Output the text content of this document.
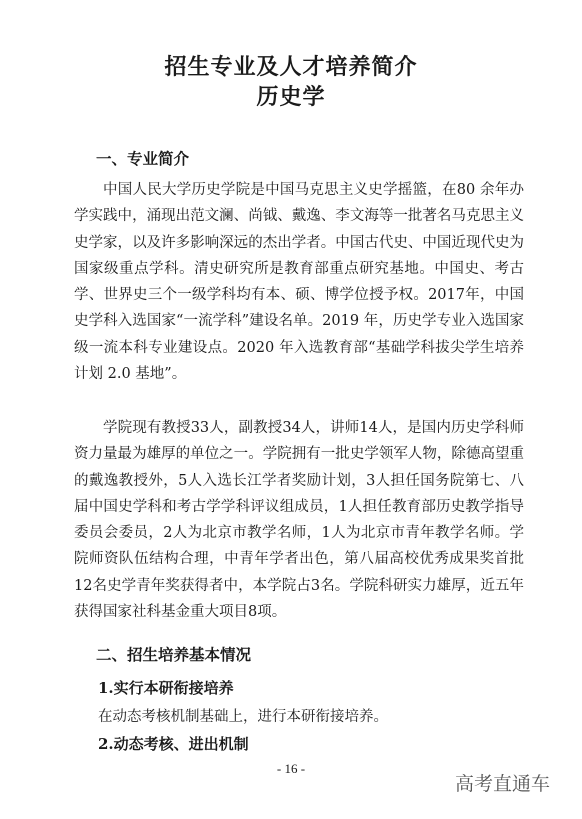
招生专业及人才培养简介
历史学
一、专业简介

中国人民大学历史学院是中国马克思主义史学摇篮，在80 余年办学实践中，涌现出范文澜、尚钺、戴逸、李文海等一批著名马克思主义史学家，以及许多影响深远的杰出学者。中国古代史、中国近现代史为国家级重点学科。清史研究所是教育部重点研究基地。中国史、考古学、世界史三个一级学科均有本、硕、博学位授予权。2017年，中国史学科入选国家“一流学科”建设名单。2019 年，历史学专业入选国家级一流本科专业建设点。2020 年入选教育部“基础学科拔尖学生培养计划 2.0 基地”。

学院现有教授33人，副教授34人，讲师14人，是国内历史学科师资力量最为雄厚的单位之一。学院拥有一批史学领军人物，除德高望重的戴逸教授外，5人入选长江学者奖励计划，3人担任国务院第七、八届中国史学科和考古学学科评议组成员，1人担任教育部历史教学指导委员会委员，2人为北京市教学名师，1人为北京市青年教学名师。学院师资队伍结构合理，中青年学者出色，第八届高校优秀成果奖首批12名史学青年奖获得者中，本学院占3名。学院科研实力雄厚，近五年获得国家社科基金重大项目8项。

二、招生培养基本情况
1.实行本研衔接培养
在动态考核机制基础上，进行本研衔接培养。
2.动态考核、进出机制
- 16 -
高考直通车
